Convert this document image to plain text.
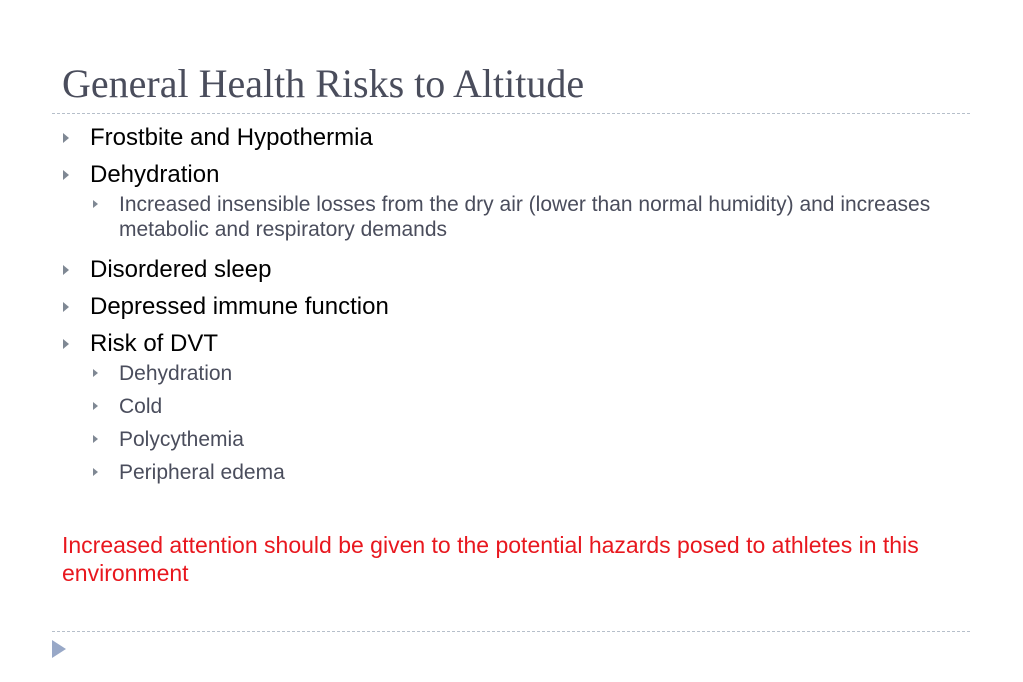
General Health Risks to Altitude
Frostbite and Hypothermia
Dehydration
Increased insensible losses from the dry air (lower than normal humidity) and increases metabolic and respiratory demands
Disordered sleep
Depressed immune function
Risk of DVT
Dehydration
Cold
Polycythemia
Peripheral edema

Increased attention should be given to the potential hazards posed to athletes in this environment
